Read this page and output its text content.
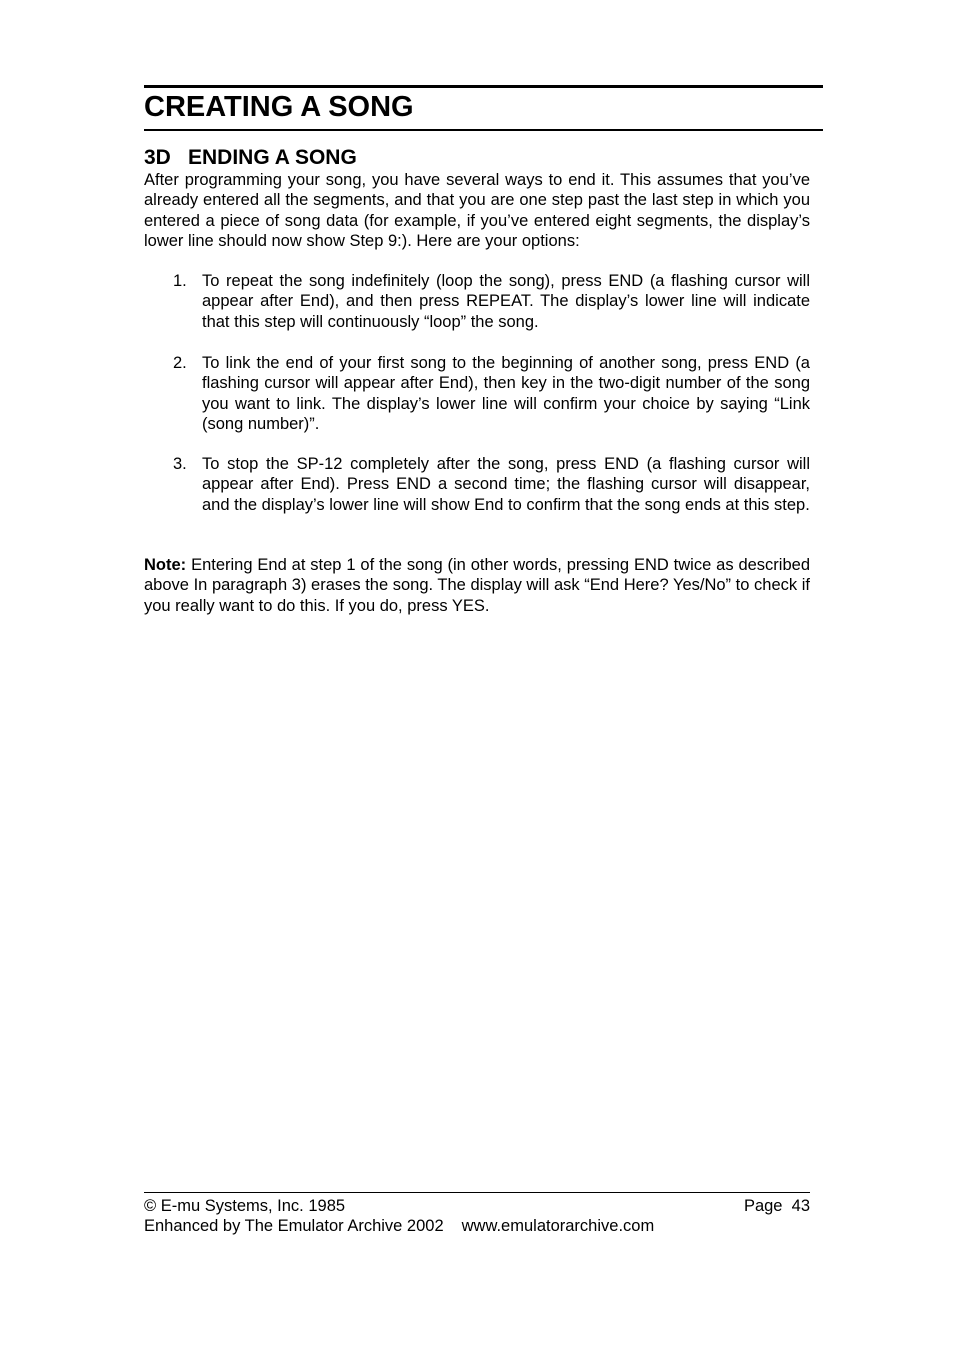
CREATING A SONG
3D ENDING A SONG

After programming your song, you have several ways to end it. This assumes that you’ve already entered all the segments, and that you are one step past the last step in which you entered a piece of song data (for example, if you’ve entered eight segments, the display’s lower line should now show Step 9:). Here are your options:

1. To repeat the song indefinitely (loop the song), press END (a flashing cursor will appear after End), and then press REPEAT. The display’s lower line will indicate that this step will continuously “loop” the song.
2. To link the end of your first song to the beginning of another song, press END (a flashing cursor will appear after End), then key in the two-digit number of the song you want to link. The display’s lower line will confirm your choice by saying “Link (song number)”.
3. To stop the SP-12 completely after the song, press END (a flashing cursor will appear after End). Press END a second time; the flashing cursor will disappear, and the display’s lower line will show End to confirm that the song ends at this step.

Note: Entering End at step 1 of the song (in other words, pressing END twice as described above In paragraph 3) erases the song. The display will ask “End Here? Yes/No” to check if you really want to do this. If you do, press YES.

© E-mu Systems, Inc. 1985	Page  43
Enhanced by The Emulator Archive 2002 www.emulatorarchive.com
